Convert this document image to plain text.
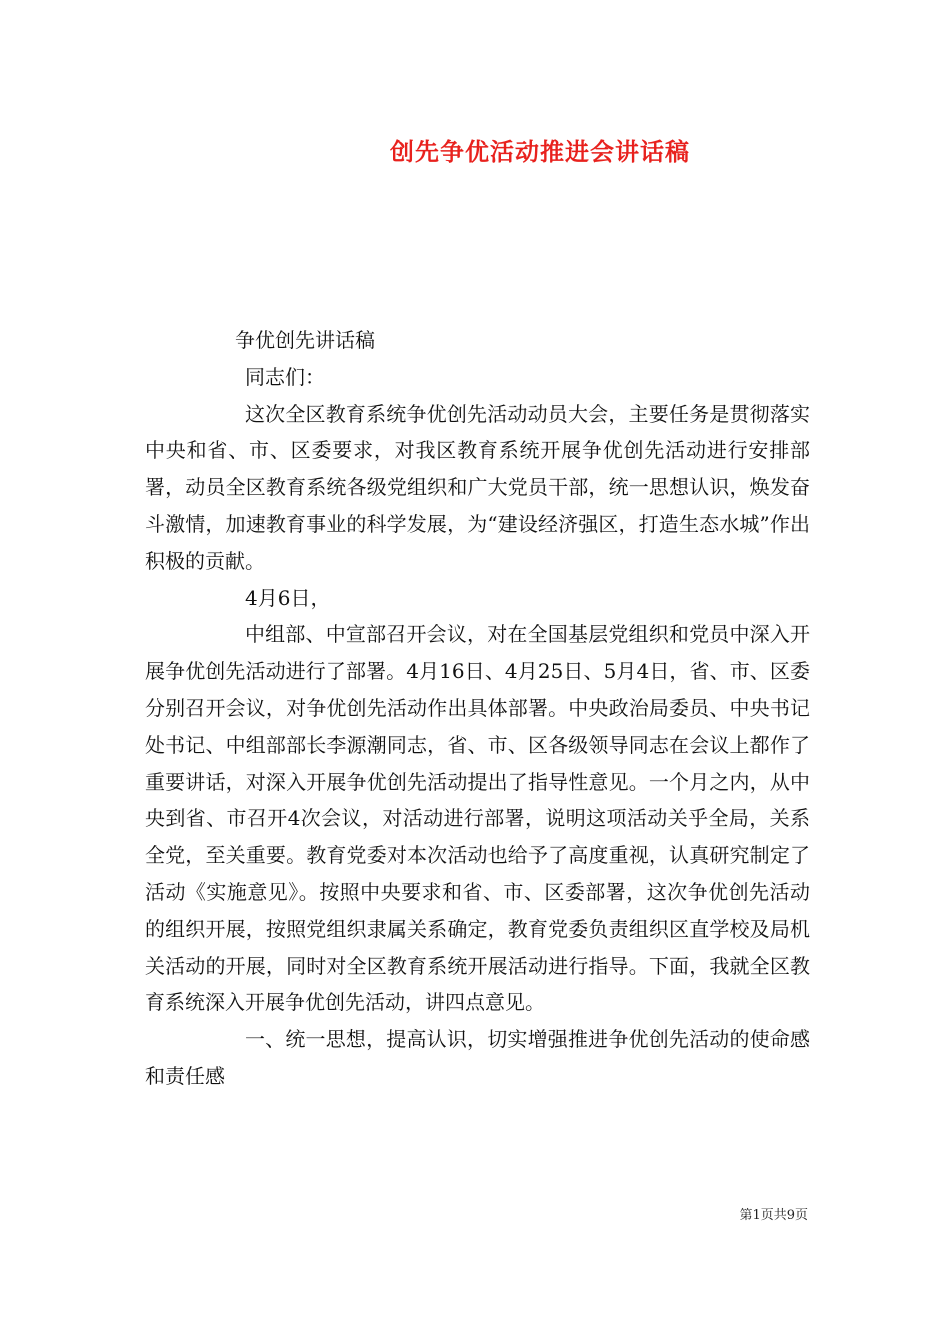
创先争优活动推进会讲话稿

争优创先讲话稿

同志们：

这次全区教育系统争优创先活动动员大会，主要任务是贯彻落实中央和省、市、区委要求，对我区教育系统开展争优创先活动进行安排部署，动员全区教育系统各级党组织和广大党员干部，统一思想认识，焕发奋斗激情，加速教育事业的科学发展，为“建设经济强区，打造生态水城”作出积极的贡献。

4月6日，

中组部、中宣部召开会议，对在全国基层党组织和党员中深入开展争优创先活动进行了部署。4月16日、4月25日、5月4日，省、市、区委分别召开会议，对争优创先活动作出具体部署。中央政治局委员、中央书记处书记、中组部部长李源潮同志，省、市、区各级领导同志在会议上都作了重要讲话，对深入开展争优创先活动提出了指导性意见。一个月之内，从中央到省、市召开4次会议，对活动进行部署，说明这项活动关乎全局，关系全党，至关重要。教育党委对本次活动也给予了高度重视，认真研究制定了活动《实施意见》。按照中央要求和省、市、区委部署，这次争优创先活动的组织开展，按照党组织隶属关系确定，教育党委负责组织区直学校及局机关活动的开展，同时对全区教育系统开展活动进行指导。下面，我就全区教育系统深入开展争优创先活动，讲四点意见。

一、统一思想，提高认识，切实增强推进争优创先活动的使命感和责任感

第1页共9页
